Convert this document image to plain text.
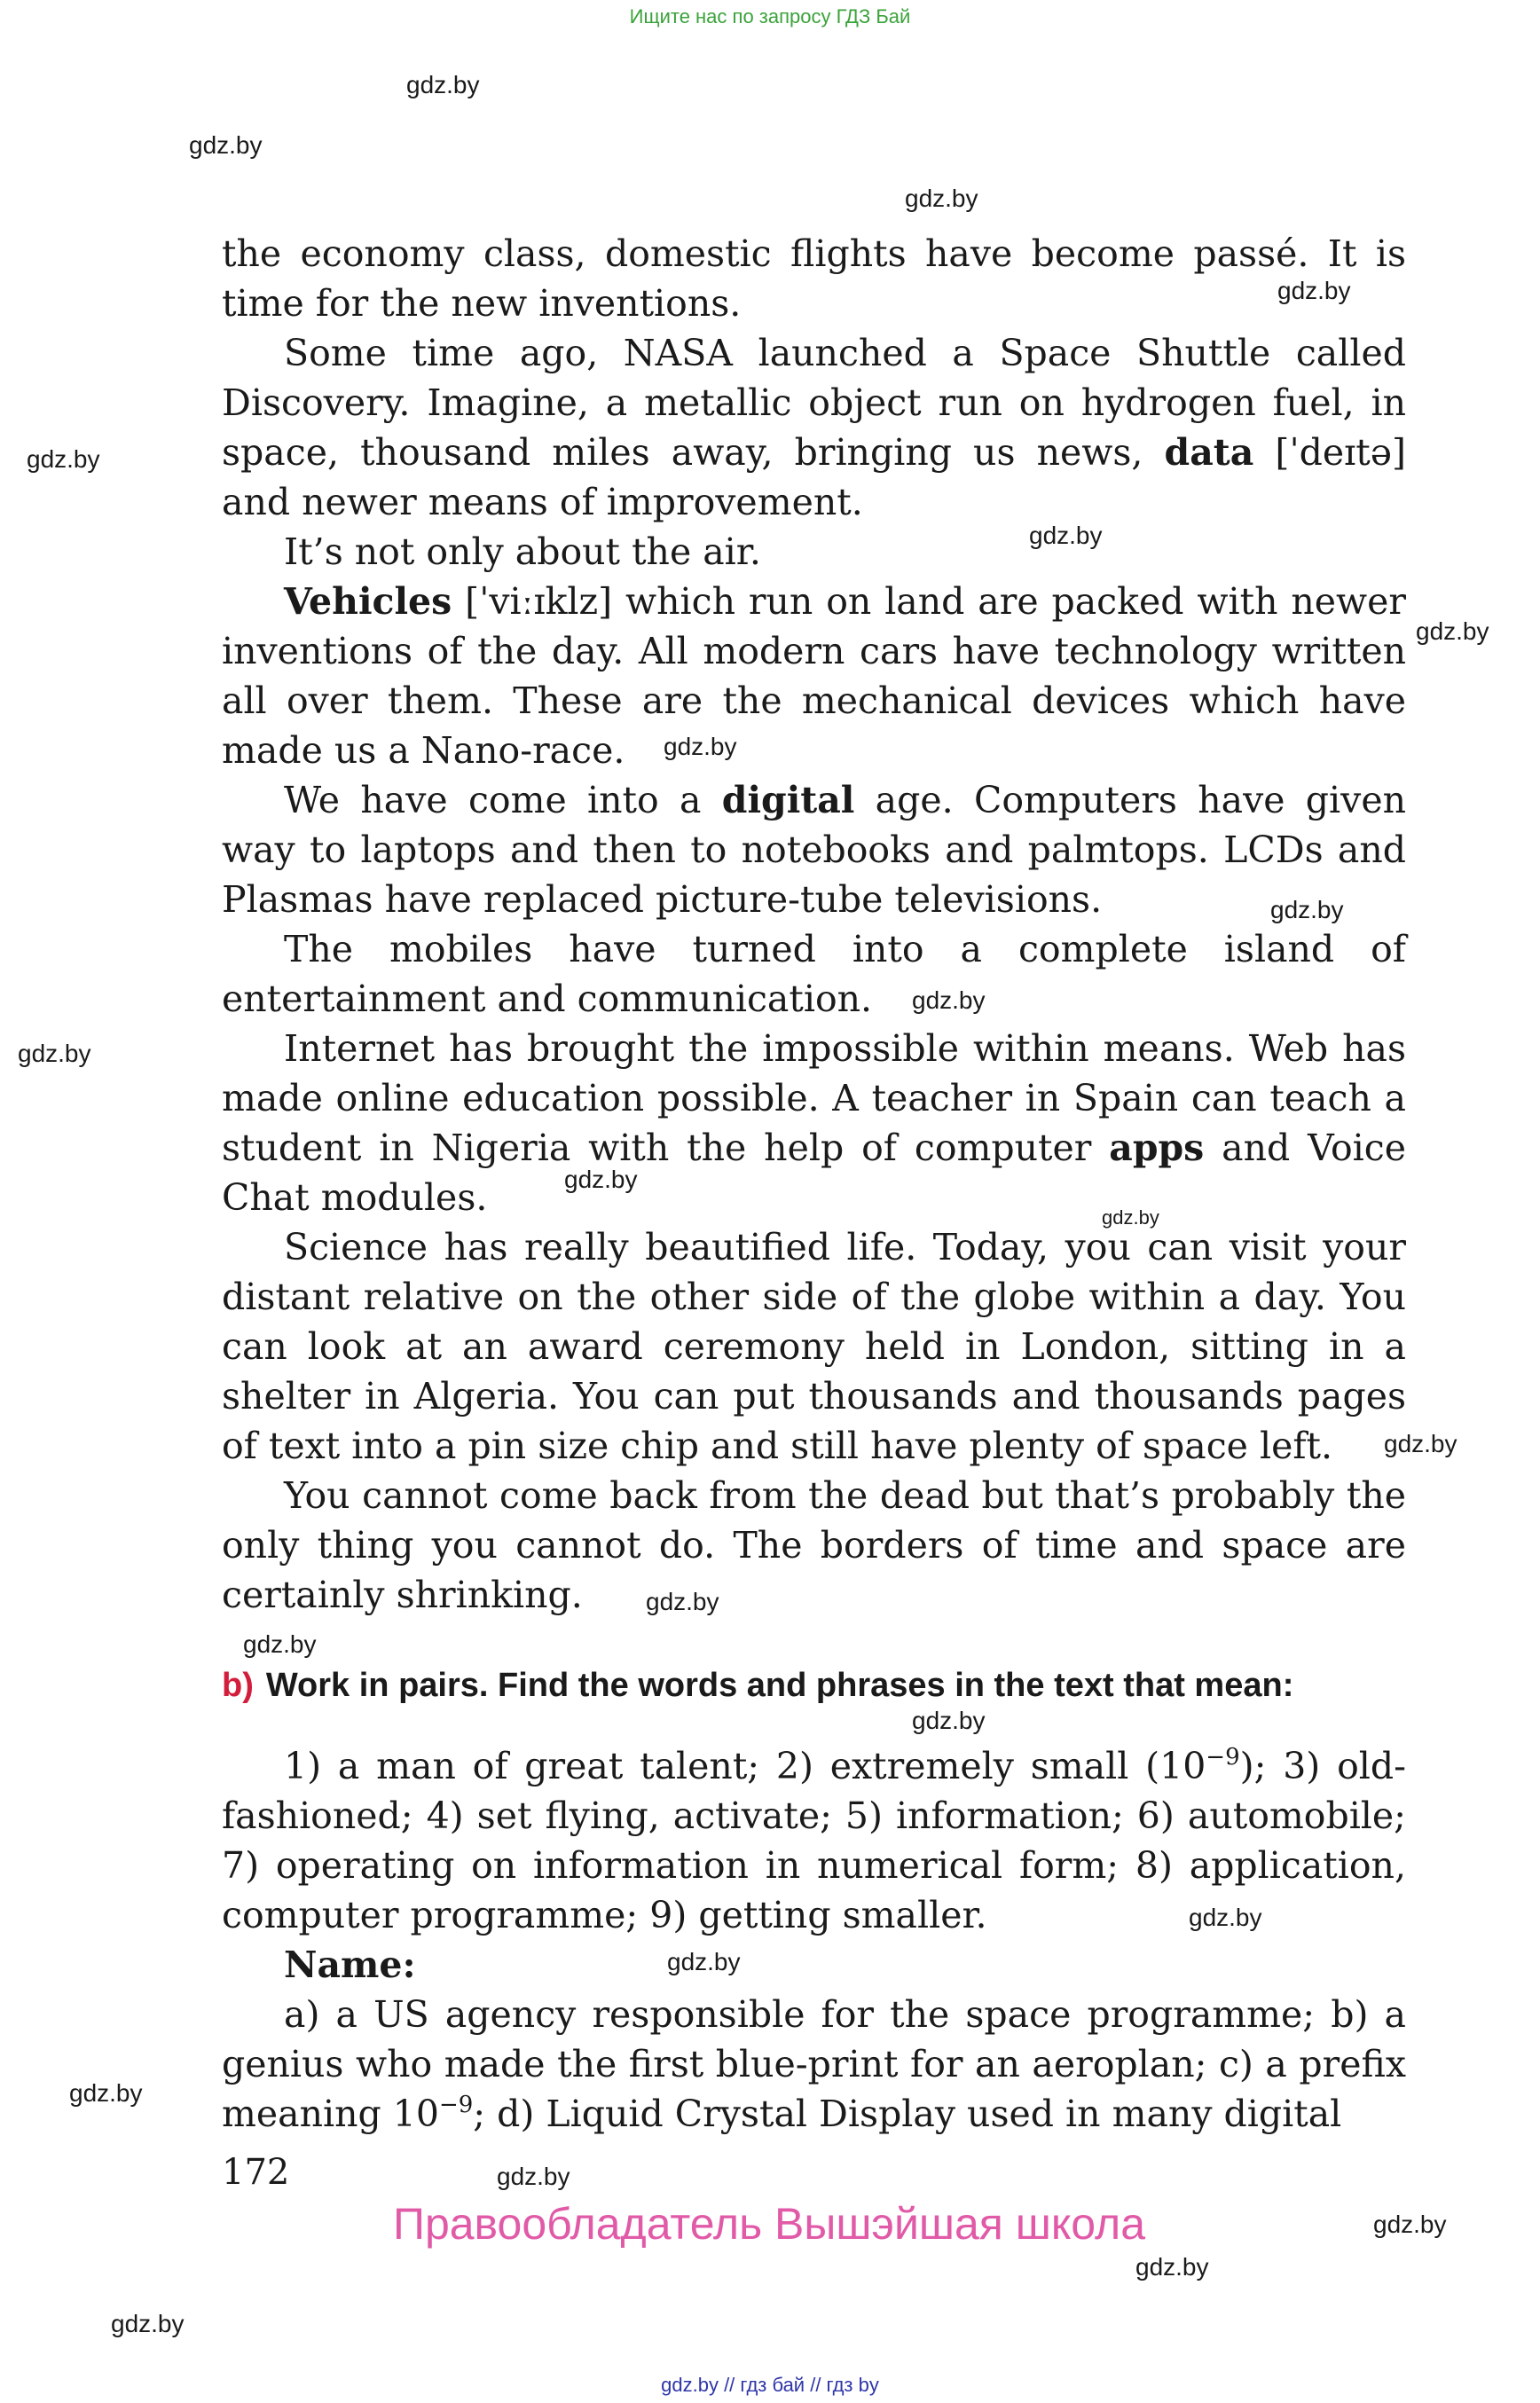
Ищите нас по запросу ГДЗ Бай
gdz.by
gdz.by
gdz.by
gdz.by
gdz.by
gdz.by
gdz.by
gdz.by
gdz.by
gdz.by
gdz.by
gdz.by
gdz.by
gdz.by
gdz.by
gdz.by
gdz.by
gdz.by
gdz.by
gdz.by
gdz.by
gdz.by
gdz.by
gdz.by

the economy class, domestic flights have become passé. It is time for the new inventions.

Some time ago, NASA launched a Space Shuttle called Discovery. Imagine, a metallic object run on hydrogen fuel, in space, thousand miles away, bringing us news, data [ˈdeɪtə] and newer means of improvement.

It’s not only about the air.

Vehicles [ˈviːɪklz] which run on land are packed with newer inventions of the day. All modern cars have technology written all over them. These are the mechanical devices which have made us a Nano-race.

We have come into a digital age. Computers have given way to laptops and then to notebooks and palmtops. LCDs and Plasmas have replaced picture-tube televisions.

The mobiles have turned into a complete island of entertainment and communication.

Internet has brought the impossible within means. Web has made online education possible. A teacher in Spain can teach a student in Nigeria with the help of computer apps and Voice Chat modules.

Science has really beautified life. Today, you can visit your distant relative on the other side of the globe within a day. You can look at an award ceremony held in London, sitting in a shelter in Algeria. You can put thousands and thousands pages of text into a pin size chip and still have plenty of space left.

You cannot come back from the dead but that’s probably the only thing you cannot do. The borders of time and space are certainly shrinking.

b) Work in pairs. Find the words and phrases in the text that mean:

1) a man of great talent; 2) extremely small $(10^{-9})$; 3) old-fashioned; 4) set flying, activate; 5) information; 6) automobile; 7) operating on information in numerical form; 8) application, computer programme; 9) getting smaller.

Name:

a) a US agency responsible for the space programme; b) a genius who made the first blue-print for an aeroplan; c) a prefix meaning $10^{-9}$; d) Liquid Crystal Display used in many digital

172
Правообладатель Вышэйшая школа
gdz.by // гдз бай // гдз by
